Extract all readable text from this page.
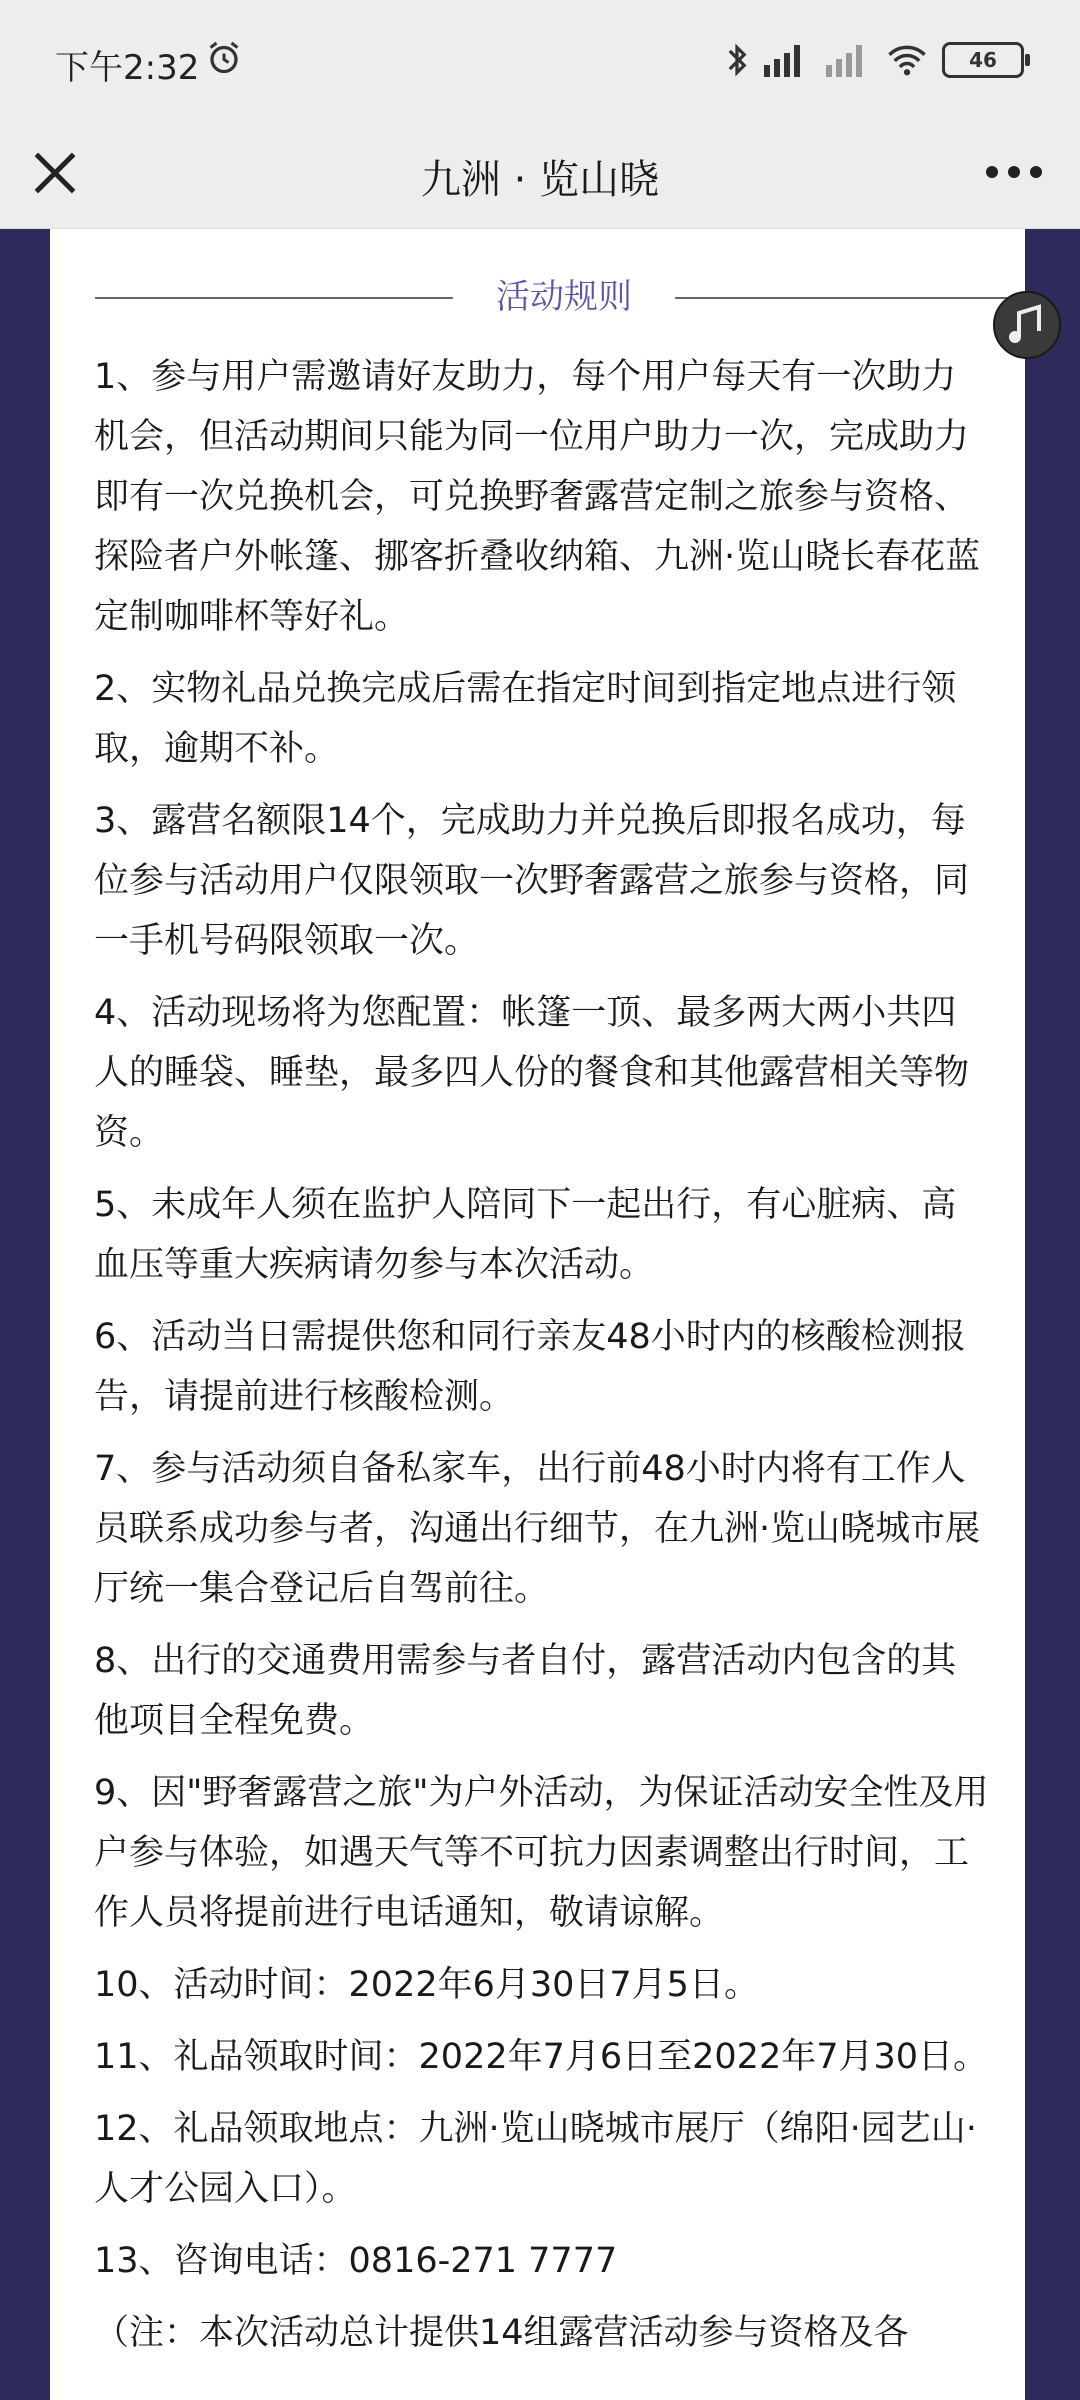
下午2:32	46
九洲 · 览山晓
活动规则

1、参与用户需邀请好友助力，每个用户每天有一次助力机会，但活动期间只能为同一位用户助力一次，完成助力即有一次兑换机会，可兑换野奢露营定制之旅参与资格、探险者户外帐篷、挪客折叠收纳箱、九洲·览山晓长春花蓝定制咖啡杯等好礼。

2、实物礼品兑换完成后需在指定时间到指定地点进行领取，逾期不补。

3、露营名额限14个，完成助力并兑换后即报名成功，每位参与活动用户仅限领取一次野奢露营之旅参与资格，同一手机号码限领取一次。

4、活动现场将为您配置：帐篷一顶、最多两大两小共四人的睡袋、睡垫，最多四人份的餐食和其他露营相关等物资。

5、未成年人须在监护人陪同下一起出行，有心脏病、高血压等重大疾病请勿参与本次活动。

6、活动当日需提供您和同行亲友48小时内的核酸检测报告，请提前进行核酸检测。

7、参与活动须自备私家车，出行前48小时内将有工作人员联系成功参与者，沟通出行细节，在九洲·览山晓城市展厅统一集合登记后自驾前往。

8、出行的交通费用需参与者自付，露营活动内包含的其他项目全程免费。

9、因"野奢露营之旅"为户外活动，为保证活动安全性及用户参与体验，如遇天气等不可抗力因素调整出行时间，工作人员将提前进行电话通知，敬请谅解。

10、活动时间：2022年6月30日7月5日。

11、礼品领取时间：2022年7月6日至2022年7月30日。

12、礼品领取地点：九洲·览山晓城市展厅（绵阳·园艺山·人才公园入口）。

13、咨询电话：0816-271 7777

（注：本次活动总计提供14组露营活动参与资格及各
